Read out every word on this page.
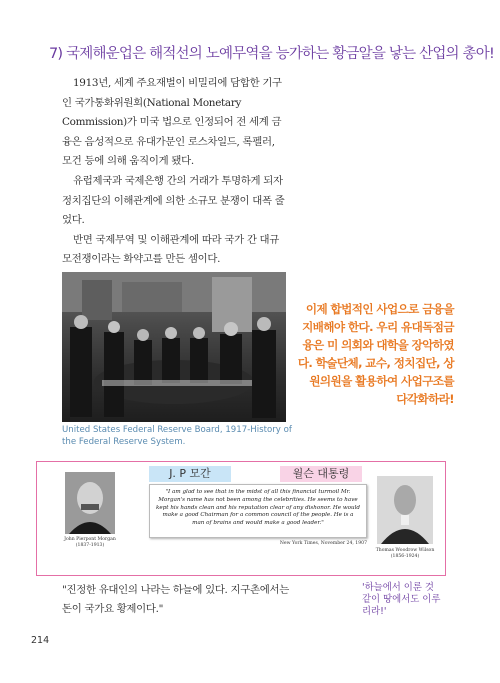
7) 국제해운업은 해적선의 노예무역을 능가하는 황금알을 낳는 산업의 총아!

1913년, 세계 주요재벌이 비밀리에 담합한 기구인 국가통화위원회(National Monetary Commission)가 미국 법으로 인정되어 전 세계 금융은 음성적으로 유대가문인 로스차일드, 록펠러, 모건 등에 의해 움직이게 됐다.

유럽제국과 국제은행 간의 거래가 투명하게 되자 정치집단의 이해관계에 의한 소규모 분쟁이 대폭 줄었다.

반면 국제무역 및 이해관계에 따라 국가 간 대규모전쟁이라는 화약고를 만든 셈이다.

United States Federal Reserve Board, 1917-History of the Federal Reserve System.
이제 합법적인 사업으로 금융을 지배해야 한다. 우리 유대독점금융은 미 의회와 대학을 장악하였다. 학술단체, 교수, 정치집단, 상원의원을 활용하여 사업구조를 다각화하라!
John Pierpont Morgan
(1837-1913)
J. P 모간	윌슨 대통령
"I am glad to see that in the midst of all this financial turmoil Mr. Morgan's name has not been among the celebrities. He seems to have kept his hands clean and his reputation clear of any dishonor. He would make a good Chairman for a common council of the people. He is a man of brains and would make a good leader."
New York Times, November 24, 1907
Thomas Woodrow Wilson
(1856-1924)
"진정한 유대인의 나라는 하늘에 있다. 지구촌에서는 돈이 국가요 황제이다."
'하늘에서 이룬 것같이 땅에서도 이루리라!'
214
